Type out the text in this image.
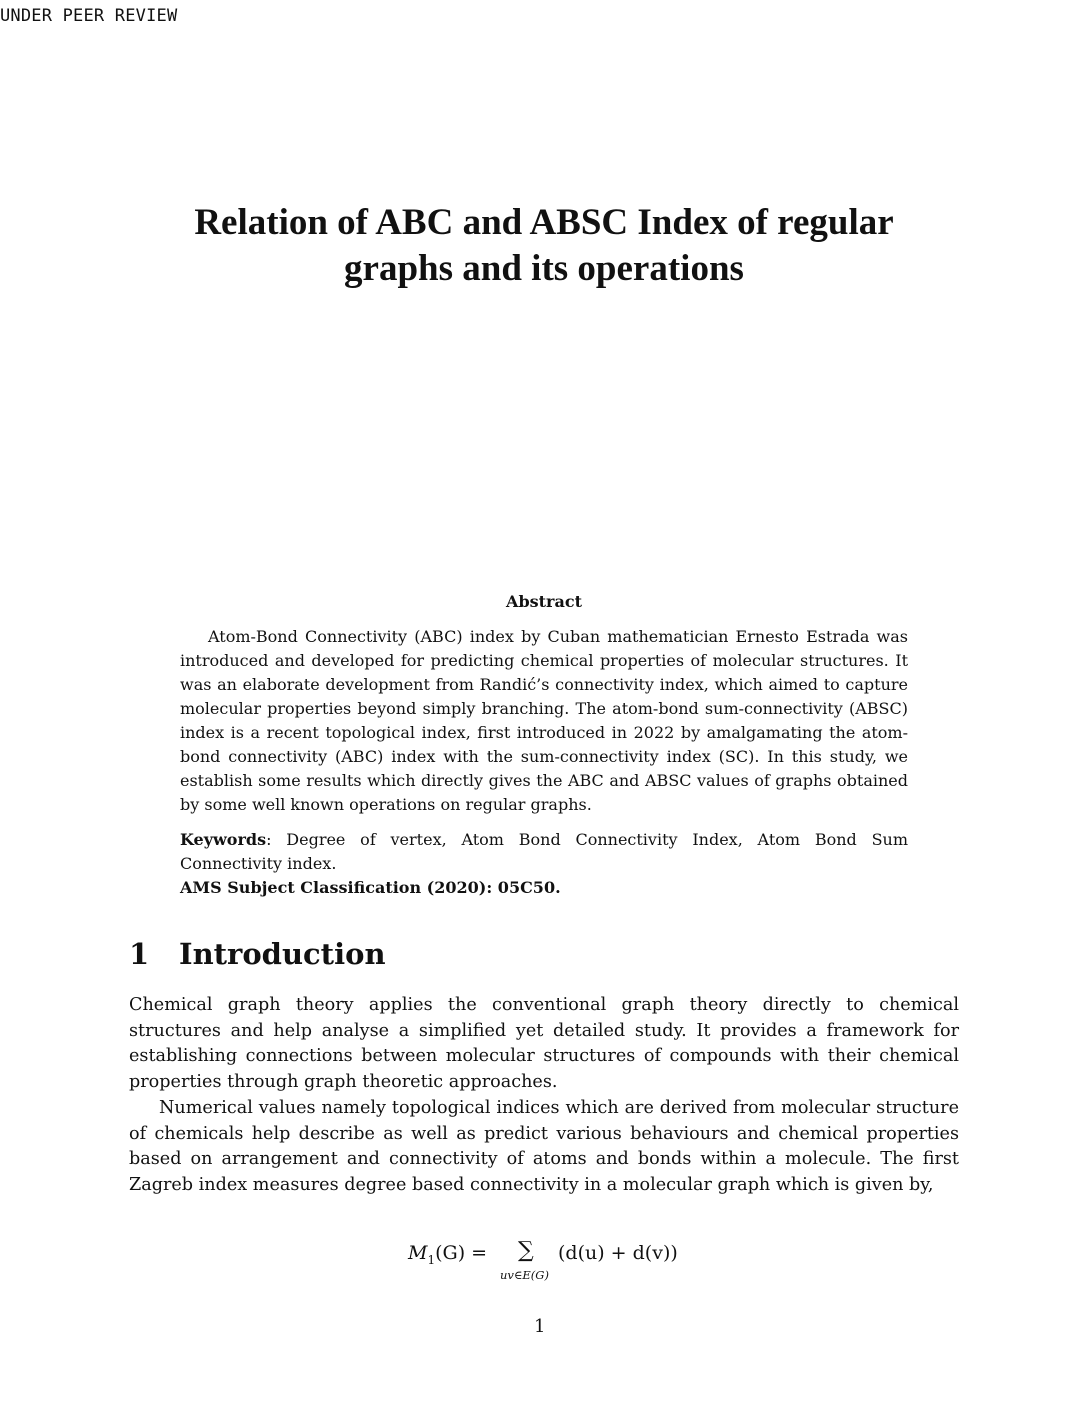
UNDER PEER REVIEW
Relation of ABC and ABSC Index of regular
graphs and its operations
Abstract

Atom-Bond Connectivity (ABC) index by Cuban mathematician Ernesto Estrada was introduced and developed for predicting chemical properties of molecular structures. It was an elaborate development from Randić’s connectivity index, which aimed to capture molecular properties beyond simply branching. The atom-bond sum-connectivity (ABSC) index is a recent topological index, first introduced in 2022 by amalgamating the atom-bond connectivity (ABC) index with the sum-connectivity index (SC). In this study, we establish some results which directly gives the ABC and ABSC values of graphs obtained by some well known operations on regular graphs.

Keywords: Degree of vertex, Atom Bond Connectivity Index, Atom Bond Sum Connectivity index.

AMS Subject Classification (2020): 05C50.
1 Introduction

Chemical graph theory applies the conventional graph theory directly to chemical structures and help analyse a simplified yet detailed study. It provides a framework for establishing connections between molecular structures of compounds with their chemical properties through graph theoretic approaches.

Numerical values namely topological indices which are derived from molecular structure of chemicals help describe as well as predict various behaviours and chemical properties based on arrangement and connectivity of atoms and bonds within a molecule. The first Zagreb index measures degree based connectivity in a molecular graph which is given by,

$M_1(G)$ = ∑
uv∈E(G)
(d(u) + d(v))
1
